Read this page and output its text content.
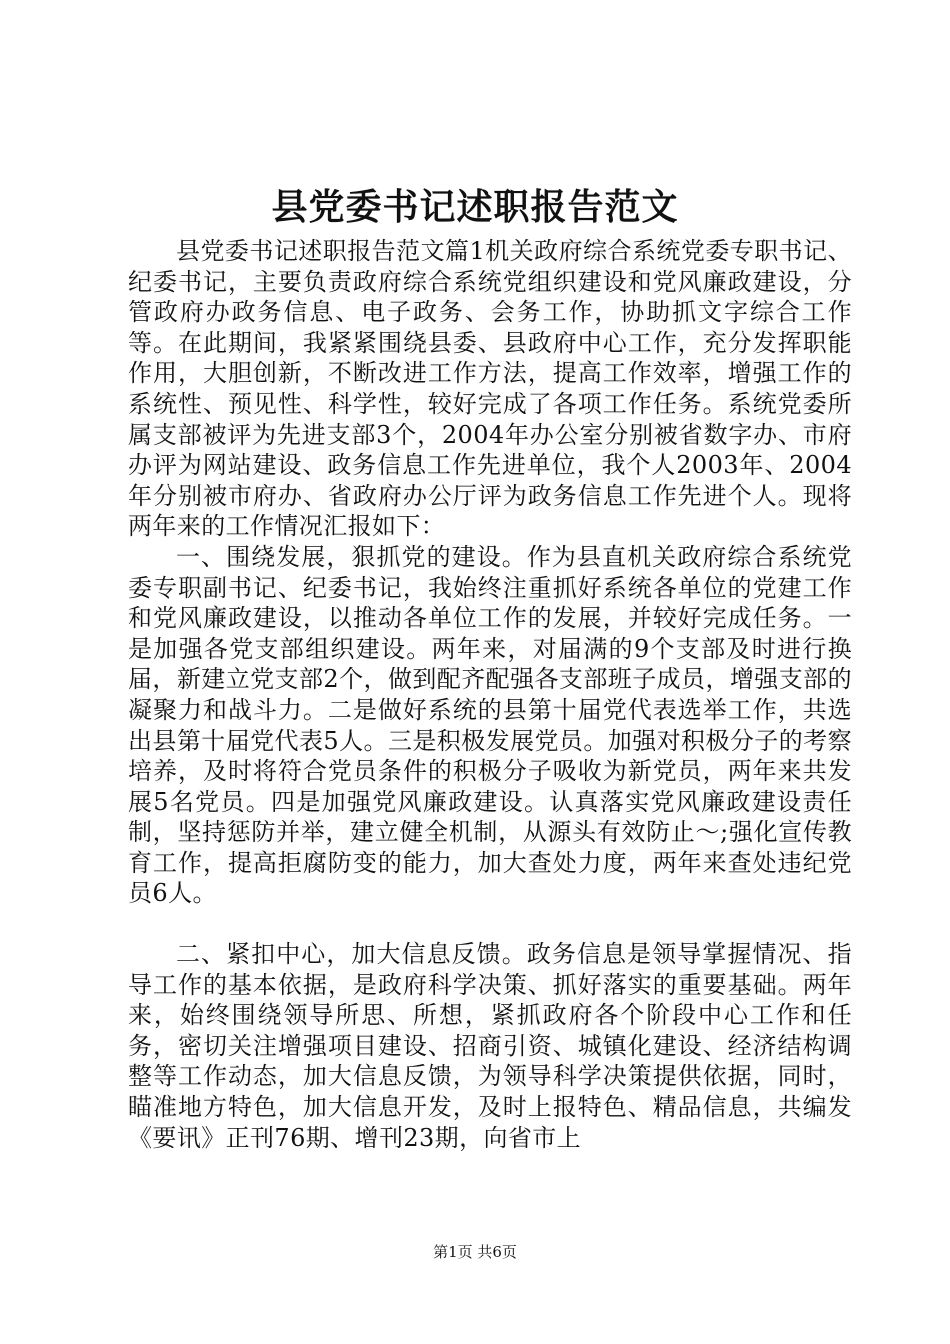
县党委书记述职报告范文

县党委书记述职报告范文篇1机关政府综合系统党委专职书记、纪委书记，主要负责政府综合系统党组织建设和党风廉政建设，分管政府办政务信息、电子政务、会务工作，协助抓文字综合工作等。在此期间，我紧紧围绕县委、县政府中心工作，充分发挥职能作用，大胆创新，不断改进工作方法，提高工作效率，增强工作的系统性、预见性、科学性，较好完成了各项工作任务。系统党委所属支部被评为先进支部3个，2004年办公室分别被省数字办、市府办评为网站建设、政务信息工作先进单位，我个人2003年、2004年分别被市府办、省政府办公厅评为政务信息工作先进个人。现将两年来的工作情况汇报如下：

一、围绕发展，狠抓党的建设。作为县直机关政府综合系统党委专职副书记、纪委书记，我始终注重抓好系统各单位的党建工作和党风廉政建设，以推动各单位工作的发展，并较好完成任务。一是加强各党支部组织建设。两年来，对届满的9个支部及时进行换届，新建立党支部2个，做到配齐配强各支部班子成员，增强支部的凝聚力和战斗力。二是做好系统的县第十届党代表选举工作，共选出县第十届党代表5人。三是积极发展党员。加强对积极分子的考察培养，及时将符合党员条件的积极分子吸收为新党员，两年来共发展5名党员。四是加强党风廉政建设。认真落实党风廉政建设责任制，坚持惩防并举，建立健全机制，从源头有效防止～;强化宣传教育工作，提高拒腐防变的能力，加大查处力度，两年来查处违纪党员6人。

二、紧扣中心，加大信息反馈。政务信息是领导掌握情况、指导工作的基本依据，是政府科学决策、抓好落实的重要基础。两年来，始终围绕领导所思、所想，紧抓政府各个阶段中心工作和任务，密切关注增强项目建设、招商引资、城镇化建设、经济结构调整等工作动态，加大信息反馈，为领导科学决策提供依据，同时，瞄准地方特色，加大信息开发，及时上报特色、精品信息，共编发《要讯》正刊76期、增刊23期，向省市上

第1页 共6页
